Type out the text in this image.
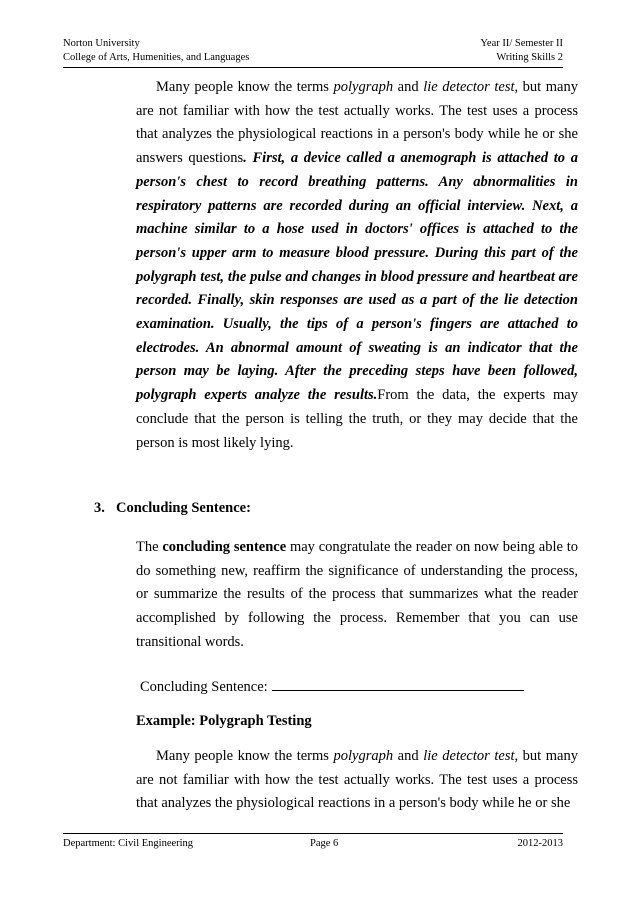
Norton University	Year II/ Semester II
College of Arts, Humenities, and Languages	Writing Skills 2

Many people know the terms polygraph and lie detector test, but many are not familiar with how the test actually works. The test uses a process that analyzes the physiological reactions in a person's body while he or she answers questions. First, a device called a anemograph is attached to a person's chest to record breathing patterns. Any abnormalities in respiratory patterns are recorded during an official interview. Next, a machine similar to a hose used in doctors' offices is attached to the person's upper arm to measure blood pressure. During this part of the polygraph test, the pulse and changes in blood pressure and heartbeat are recorded. Finally, skin responses are used as a part of the lie detection examination. Usually, the tips of a person's fingers are attached to electrodes. An abnormal amount of sweating is an indicator that the person may be laying. After the preceding steps have been followed, polygraph experts analyze the results.From the data, the experts may conclude that the person is telling the truth, or they may decide that the person is most likely lying.

3. Concluding Sentence:

The concluding sentence may congratulate the reader on now being able to do something new, reaffirm the significance of understanding the process, or summarize the results of the process that summarizes what the reader accomplished by following the process. Remember that you can use transitional words.

Concluding Sentence:
Example: Polygraph Testing

Many people know the terms polygraph and lie detector test, but many are not familiar with how the test actually works. The test uses a process that analyzes the physiological reactions in a person's body while he or she

Department: Civil Engineering	Page 6	2012-2013
